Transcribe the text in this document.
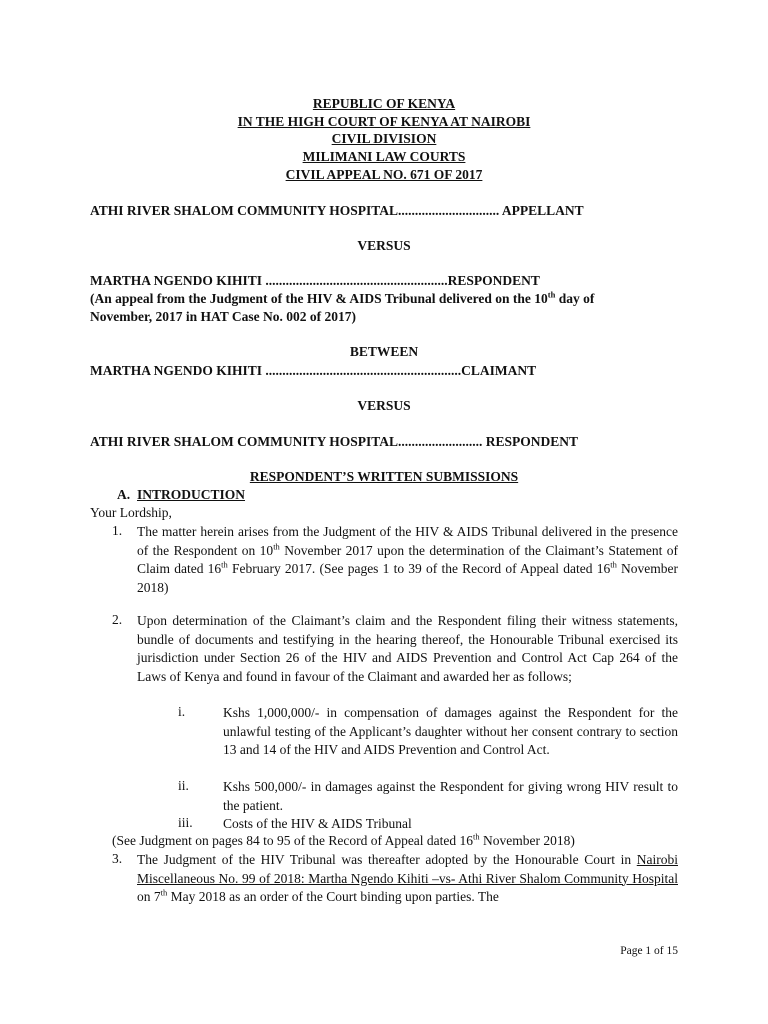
REPUBLIC OF KENYA
IN THE HIGH COURT OF KENYA AT NAIROBI
CIVIL DIVISION
MILIMANI LAW COURTS
CIVIL APPEAL NO. 671 OF 2017
ATHI RIVER SHALOM COMMUNITY HOSPITAL.............................. APPELLANT
VERSUS
MARTHA NGENDO KIHITI ......................................................RESPONDENT
(An appeal from the Judgment of the HIV & AIDS Tribunal delivered on the 10th day of
November, 2017 in HAT Case No. 002 of 2017)
BETWEEN
MARTHA NGENDO KIHITI ..........................................................CLAIMANT
VERSUS
ATHI RIVER SHALOM COMMUNITY HOSPITAL......................... RESPONDENT
RESPONDENT’S WRITTEN SUBMISSIONS
A. INTRODUCTION
Your Lordship,
1. The matter herein arises from the Judgment of the HIV & AIDS Tribunal delivered in the presence of the Respondent on 10th November 2017 upon the determination of the Claimant’s Statement of Claim dated 16th February 2017. (See pages 1 to 39 of the Record of Appeal dated 16th November 2018)
2. Upon determination of the Claimant’s claim and the Respondent filing their witness statements, bundle of documents and testifying in the hearing thereof, the Honourable Tribunal exercised its jurisdiction under Section 26 of the HIV and AIDS Prevention and Control Act Cap 264 of the Laws of Kenya and found in favour of the Claimant and awarded her as follows;
i.	Kshs 1,000,000/- in compensation of damages against the Respondent for the unlawful testing of the Applicant’s daughter without her consent contrary to section 13 and 14 of the HIV and AIDS Prevention and Control Act.
ii.	Kshs 500,000/- in damages against the Respondent for giving wrong HIV result to the patient.
iii. Costs of the HIV & AIDS Tribunal
(See Judgment on pages 84 to 95 of the Record of Appeal dated 16th November 2018)
3. The Judgment of the HIV Tribunal was thereafter adopted by the Honourable Court in Nairobi Miscellaneous No. 99 of 2018: Martha Ngendo Kihiti –vs- Athi River Shalom Community Hospital on 7th May 2018 as an order of the Court binding upon parties. The
Page 1 of 15
